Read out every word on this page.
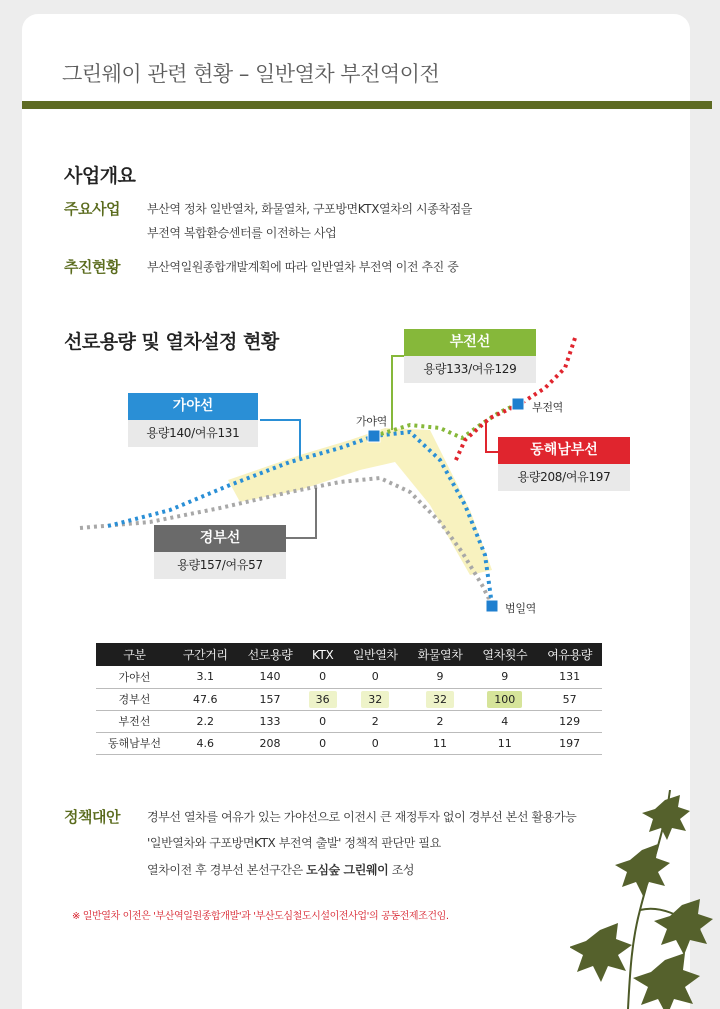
그린웨이 관련 현황 – 일반열차 부전역이전
사업개요
주요사업 부산역 정차 일반열차, 화물열차, 구포방면KTX열차의 시종착점을
부전역 복합환승센터를 이전하는 사업
추진현황 부산역일원종합개발계획에 따라 일반열차 부전역 이전 추진 중
선로용량 및 열차설정 현황
가야역
부전역
범일역
가야선
용량140/여유131
부전선
용량133/여유129
동해남부선
용량208/여유197
경부선
용량157/여유57
구분	구간거리	선로용량	KTX	일반열차	화물열차	열차횟수	여유용량
가야선	3.1	140	0	0	9	9	131
경부선	47.6	157	36	32	32	100	57
부전선	2.2	133	0	2	2	4	129
동해남부선	4.6	208	0	0	11	11	197
정책대안 경부선 열차를 여유가 있는 가야선으로 이전시 큰 재정투자 없이 경부선 본선 활용가능
'일반열차와 구포방면KTX 부전역 출발' 정책적 판단만 필요
열차이전 후 경부선 본선구간은 도심숲 그린웨이 조성
※ 일반열차 이전은 '부산역일원종합개발'과 '부산도심철도시설이전사업'의 공동전제조건임.
